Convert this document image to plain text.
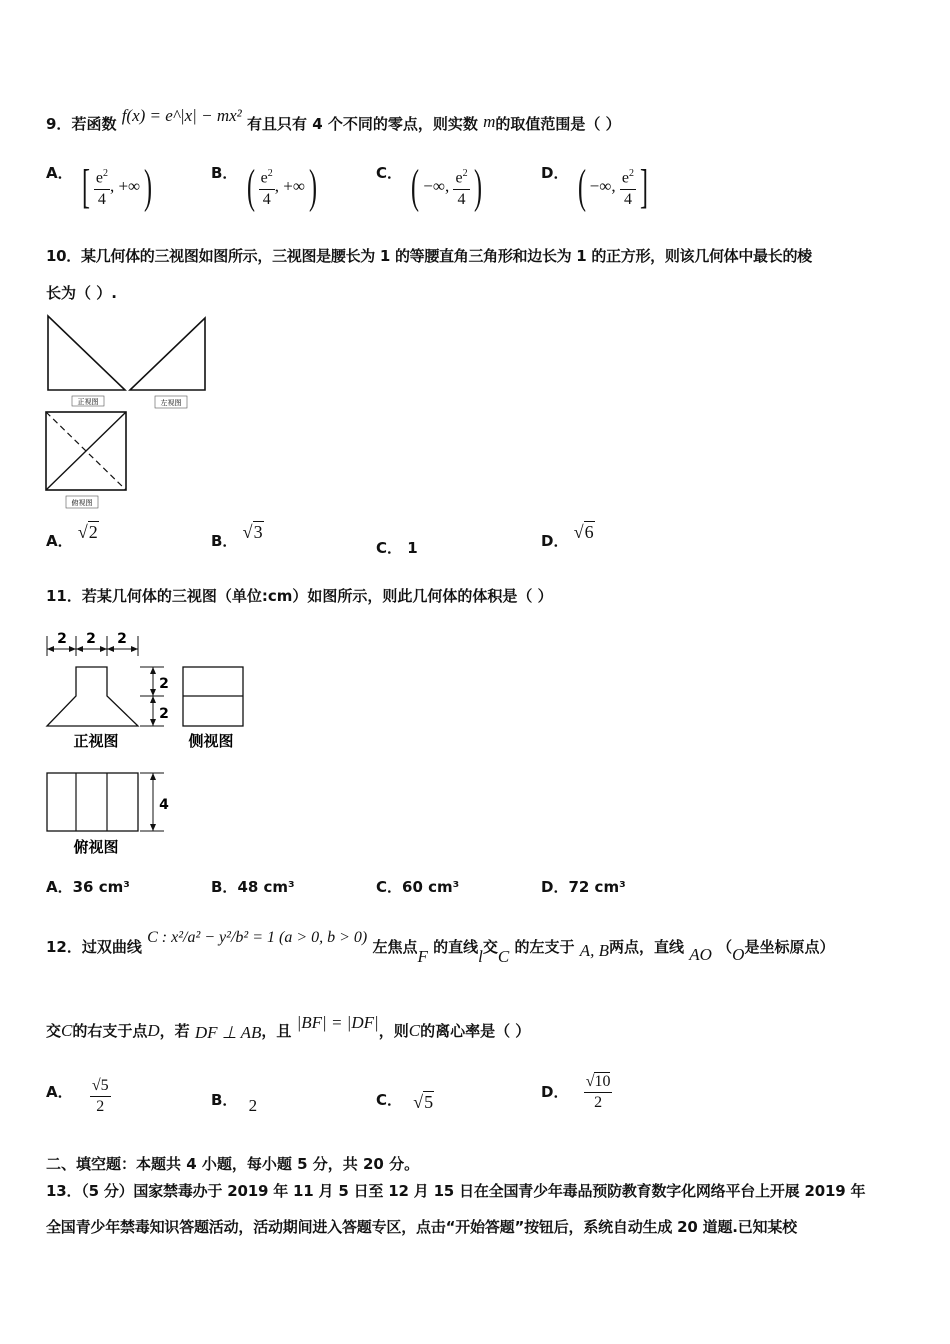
9．若函数 f(x) = e^|x| − mx² 有且只有 4 个不同的零点，则实数 m的取值范围是（ ）
A． [ $\frac{e^2}{4}$ , +∞)	B． ( $\frac{e^2}{4}$ , +∞)	C． ( −∞, $\frac{e^2}{4}$ )	D． ( −∞, $\frac{e^2}{4}$ ]
10．某几何体的三视图如图所示，三视图是腰长为 1 的等腰直角三角形和边长为 1 的正方形，则该几何体中最长的棱
长为（ ）.
正视图	左视图
俯视图
A． √2	B． √3
C． 1	D． √6
11．若某几何体的三视图（单位:cm）如图所示，则此几何体的体积是（ ）
2 2 2
2
2
正视图	侧视图
4
俯视图
A．36 cm³	B．48 cm³	C．60 cm³	D．72 cm³
12．过双曲线 C : x²/a² − y²/b² = 1 (a > 0, b > 0) 左焦点F 的直线l交C 的左支于 A, B两点，直线 AO （O是坐标原点）
交C的右支于点D，若 DF ⊥ AB，且 |BF| = |DF|，则C的离心率是（ ）
A． $\frac{√5}{2}$	B． 2	C． √5	D． $\frac{√10}{2}$
二、填空题：本题共 4 小题，每小题 5 分，共 20 分。
13．（5 分）国家禁毒办于 2019 年 11 月 5 日至 12 月 15 日在全国青少年毒品预防教育数字化网络平台上开展 2019 年
全国青少年禁毒知识答题活动，活动期间进入答题专区，点击“开始答题”按钮后，系统自动生成 20 道题.已知某校
